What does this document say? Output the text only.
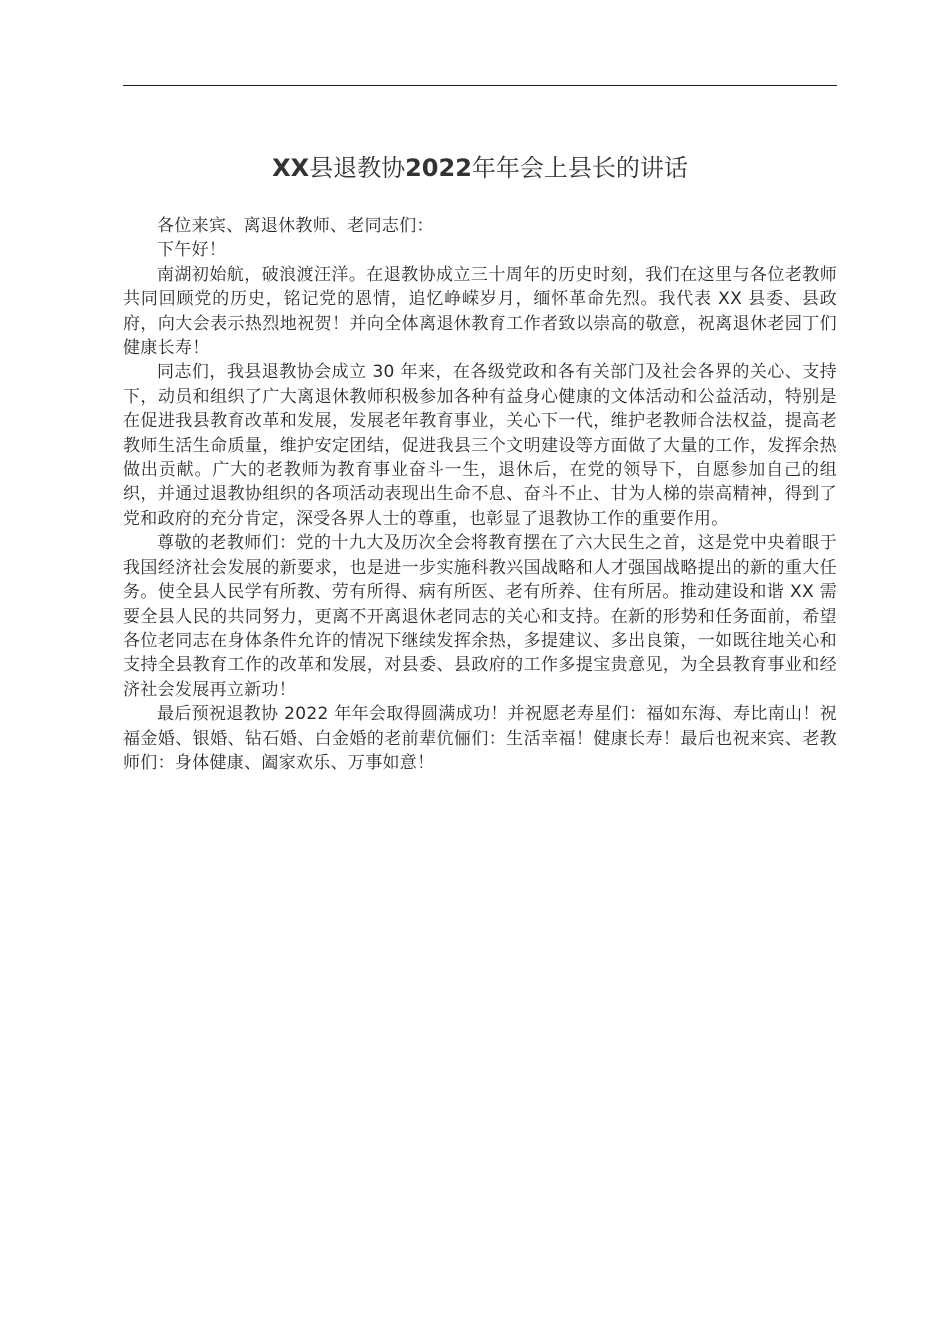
XX县退教协2022年年会上县长的讲话

各位来宾、离退休教师、老同志们：

下午好！

南湖初始航，破浪渡汪洋。在退教协成立三十周年的历史时刻，我们在这里与各位老教师共同回顾党的历史，铭记党的恩情，追忆峥嵘岁月，缅怀革命先烈。我代表 XX 县委、县政府，向大会表示热烈地祝贺！并向全体离退休教育工作者致以崇高的敬意，祝离退休老园丁们健康长寿！

同志们，我县退教协会成立 30 年来，在各级党政和各有关部门及社会各界的关心、支持下，动员和组织了广大离退休教师积极参加各种有益身心健康的文体活动和公益活动，特别是在促进我县教育改革和发展，发展老年教育事业，关心下一代，维护老教师合法权益，提高老教师生活生命质量，维护安定团结，促进我县三个文明建设等方面做了大量的工作，发挥余热做出贡献。广大的老教师为教育事业奋斗一生，退休后，在党的领导下，自愿参加自己的组织，并通过退教协组织的各项活动表现出生命不息、奋斗不止、甘为人梯的崇高精神，得到了党和政府的充分肯定，深受各界人士的尊重，也彰显了退教协工作的重要作用。

尊敬的老教师们：党的十九大及历次全会将教育摆在了六大民生之首，这是党中央着眼于我国经济社会发展的新要求，也是进一步实施科教兴国战略和人才强国战略提出的新的重大任务。使全县人民学有所教、劳有所得、病有所医、老有所养、住有所居。推动建设和谐 XX 需要全县人民的共同努力，更离不开离退休老同志的关心和支持。在新的形势和任务面前，希望各位老同志在身体条件允许的情况下继续发挥余热，多提建议、多出良策，一如既往地关心和支持全县教育工作的改革和发展，对县委、县政府的工作多提宝贵意见，为全县教育事业和经济社会发展再立新功！

最后预祝退教协 2022 年年会取得圆满成功！并祝愿老寿星们：福如东海、寿比南山！祝福金婚、银婚、钻石婚、白金婚的老前辈伉俪们：生活幸福！健康长寿！最后也祝来宾、老教师们：身体健康、阖家欢乐、万事如意！
